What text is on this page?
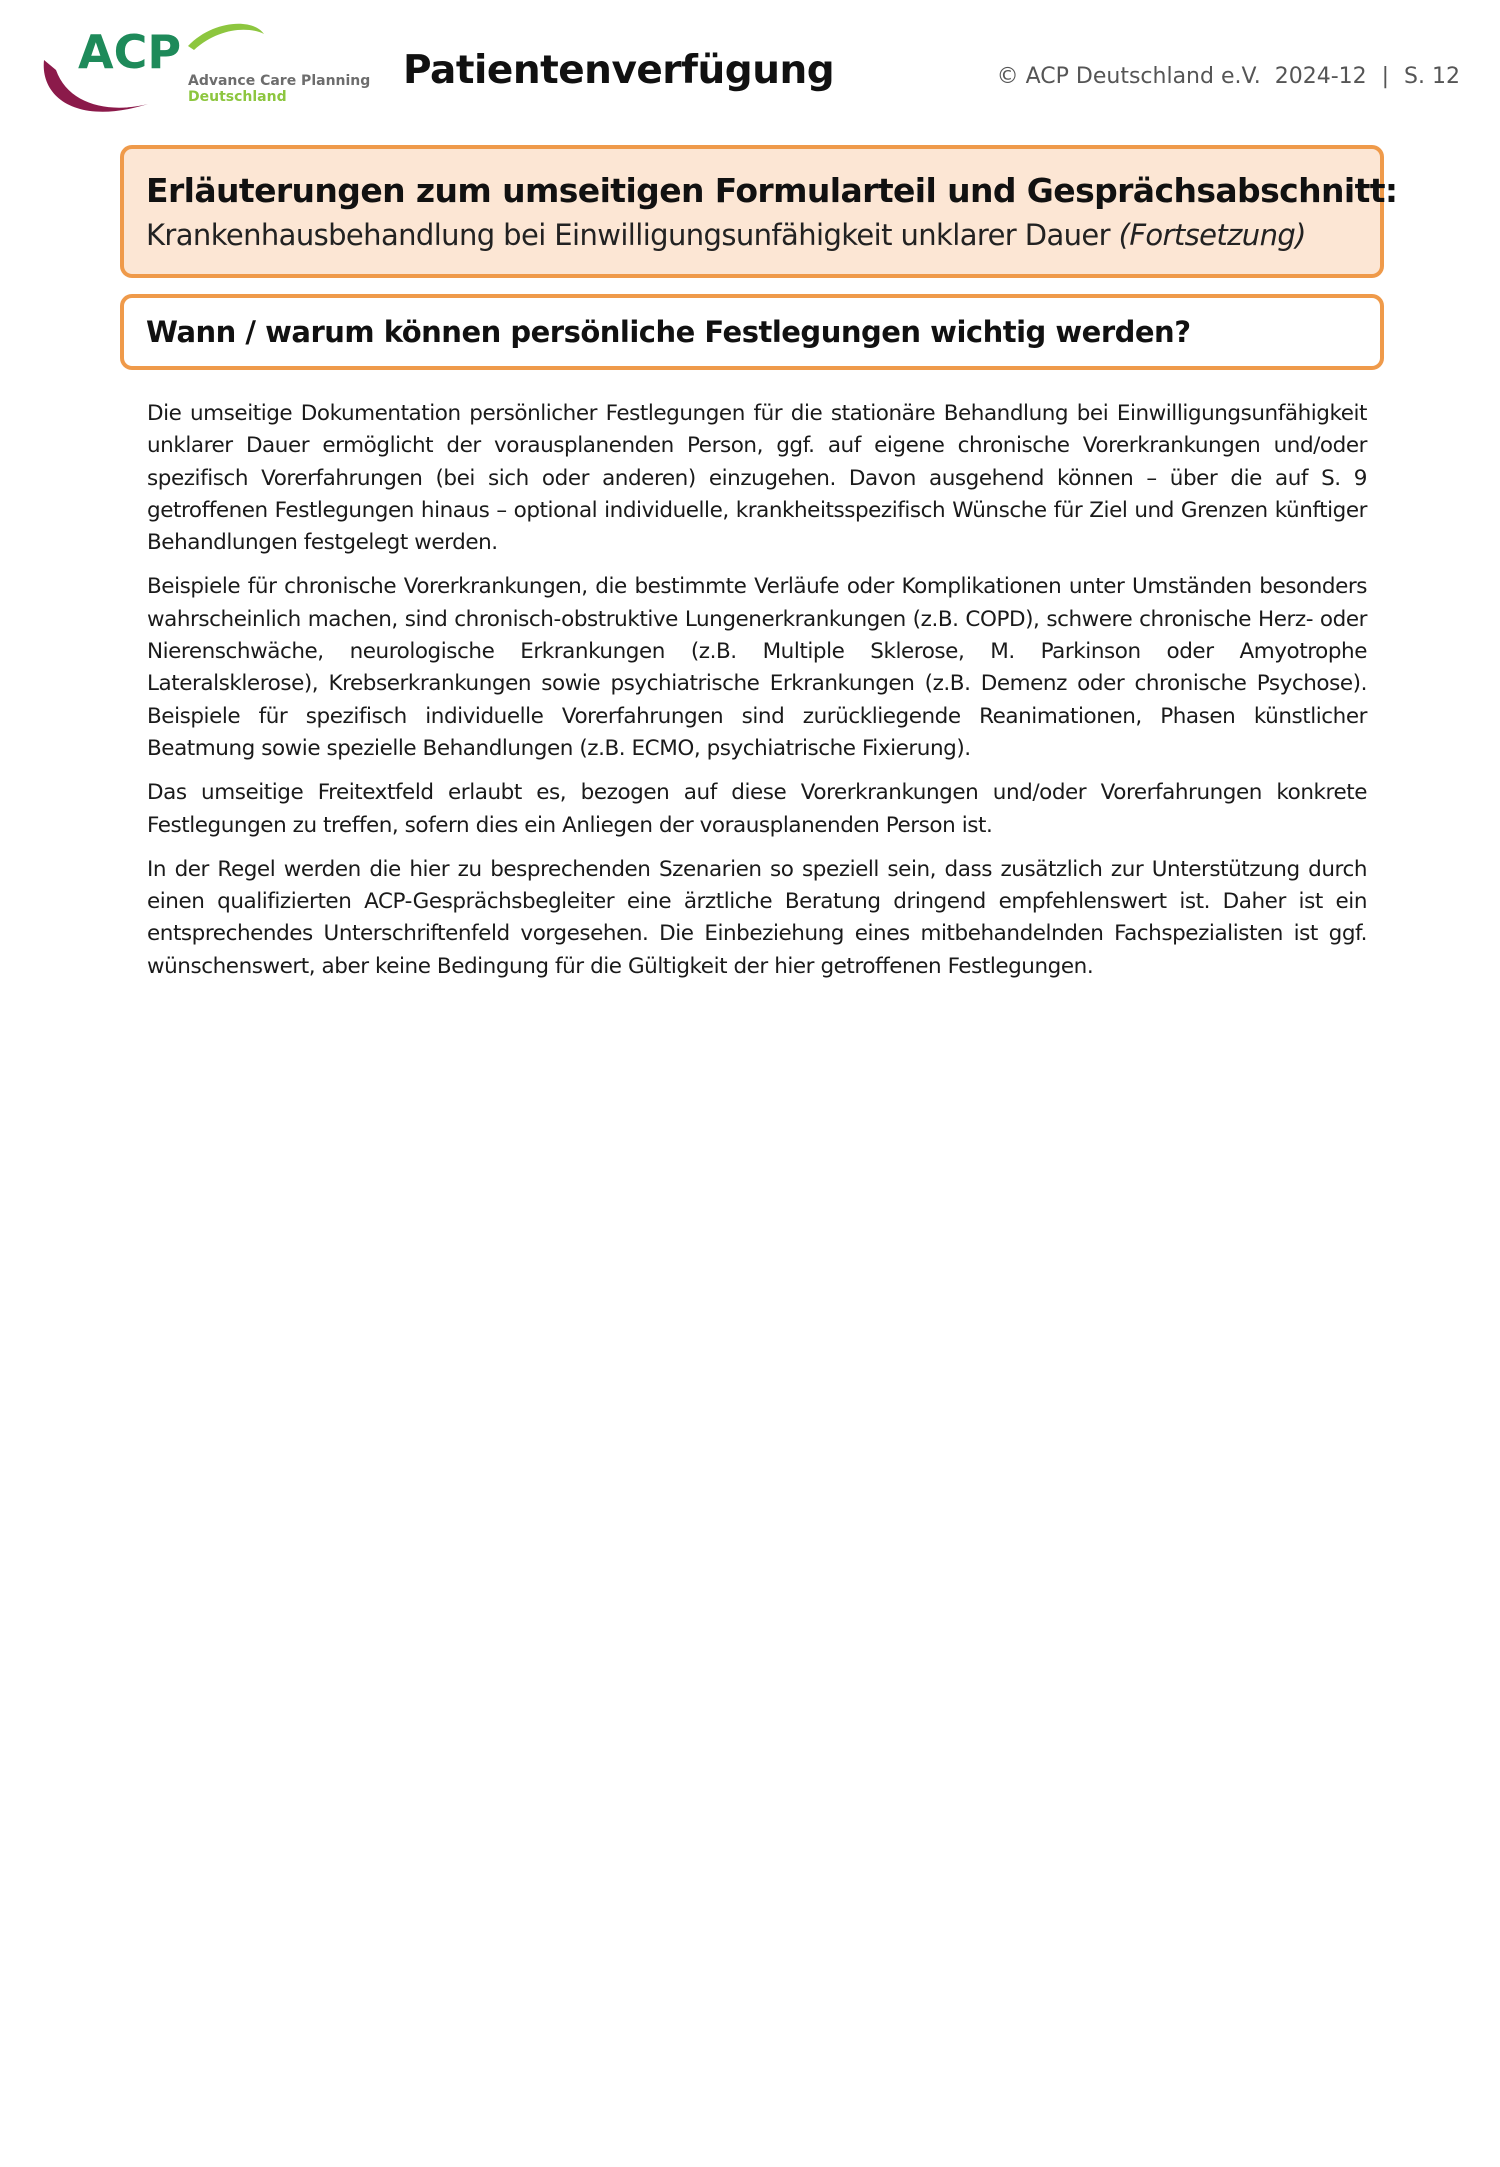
ACP
Advance Care Planning
Deutschland
Patientenverfügung	© ACP Deutschland e.V. 2024-12 | S. 12
Erläuterungen zum umseitigen Formularteil und Gesprächsabschnitt:
Krankenhausbehandlung bei Einwilligungsunfähigkeit unklarer Dauer (Fortsetzung)
Wann / warum können persönliche Festlegungen wichtig werden?

Die umseitige Dokumentation persönlicher Festlegungen für die stationäre Behandlung bei Einwilligungsunfähigkeit unklarer Dauer ermöglicht der vorausplanenden Person, ggf. auf eigene chronische Vorerkrankungen und/oder spezifisch Vorerfahrungen (bei sich oder anderen) einzugehen. Davon ausgehend können – über die auf S. 9 getroffenen Festlegungen hinaus – optional individuelle, krankheitsspezifisch Wünsche für Ziel und Grenzen künftiger Behandlungen festgelegt werden.

Beispiele für chronische Vorerkrankungen, die bestimmte Verläufe oder Komplikationen unter Umständen besonders wahrscheinlich machen, sind chronisch-obstruktive Lungenerkrankungen (z.B. COPD), schwere chronische Herz- oder Nierenschwäche, neurologische Erkrankungen (z.B. Multiple Sklerose, M. Parkinson oder Amyotrophe Lateralsklerose), Krebserkrankungen sowie psychiatrische Erkrankungen (z.B. Demenz oder chronische Psychose). Beispiele für spezifisch individuelle Vorerfahrungen sind zurückliegende Reanimationen, Phasen künstlicher Beatmung sowie spezielle Behandlungen (z.B. ECMO, psychiatrische Fixierung).

Das umseitige Freitextfeld erlaubt es, bezogen auf diese Vorerkrankungen und/oder Vorerfahrungen konkrete Festlegungen zu treffen, sofern dies ein Anliegen der vorausplanenden Person ist.

In der Regel werden die hier zu besprechenden Szenarien so speziell sein, dass zusätzlich zur Unterstützung durch einen qualifizierten ACP-Gesprächsbegleiter eine ärztliche Beratung dringend empfehlenswert ist. Daher ist ein entsprechendes Unterschriftenfeld vorgesehen. Die Einbeziehung eines mitbehandelnden Fachspezialisten ist ggf. wünschenswert, aber keine Bedingung für die Gültigkeit der hier getroffenen Festlegungen.
